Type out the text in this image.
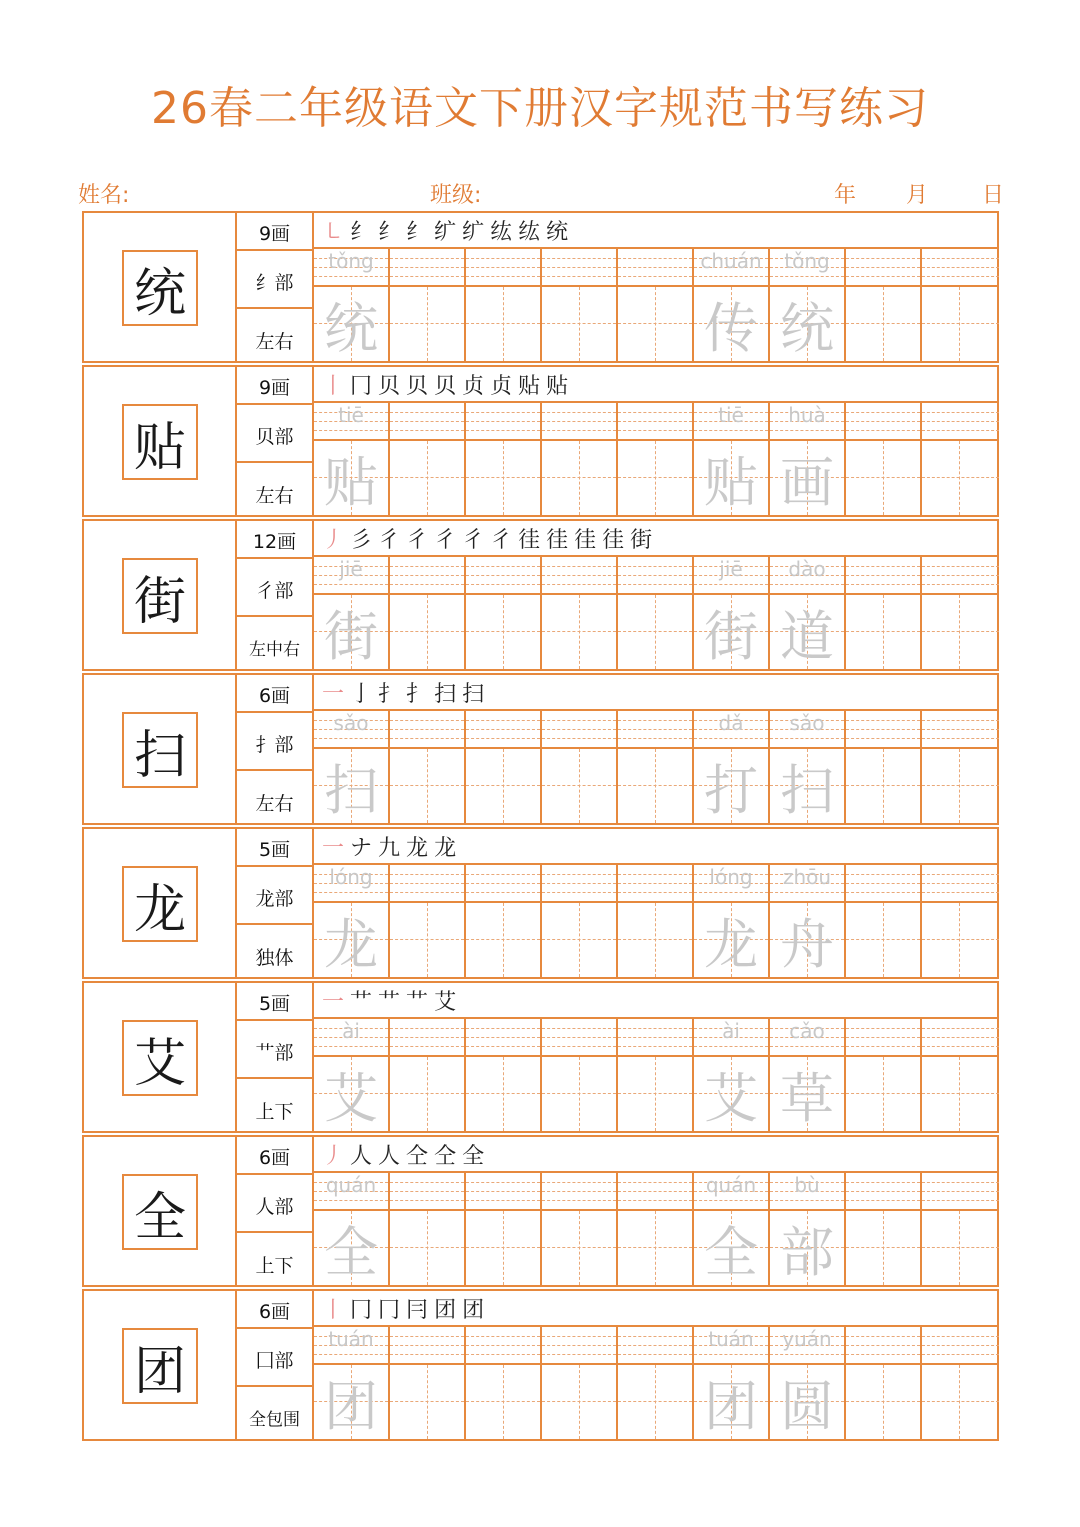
26春二年级语文下册汉字规范书写练习
姓名:	班级:	年 月 日
统
9画
纟部
左右
㇄纟纟纟纩纩纮纮统
tǒng
统
chuán
传
tǒng
统
贴
9画
贝部
左右
丨冂贝贝贝贞贞贴贴
tiē
贴
tiē
贴
huà
画
街
12画
彳部
左中右
丿彡彳彳彳彳彳徍徍徍徍街
jiē
街
jiē
街
dào
道
扫
6画
扌部
左右
一亅扌扌扫扫
sǎo
扫
dǎ
打
sǎo
扫
龙
5画
龙部
独体
一ナ九龙龙
lóng
龙
lóng
龙
zhōu
舟
艾
5画
艹部
上下
一艹艹艹艾
ài
艾
ài
艾
cǎo
草
全
6画
人部
上下
丿人人仝仝全
quán
全
quán
全
bù
部
团
6画
囗部
全包围
丨冂冂冃团团
tuán
团
tuán
团
yuán
圆
